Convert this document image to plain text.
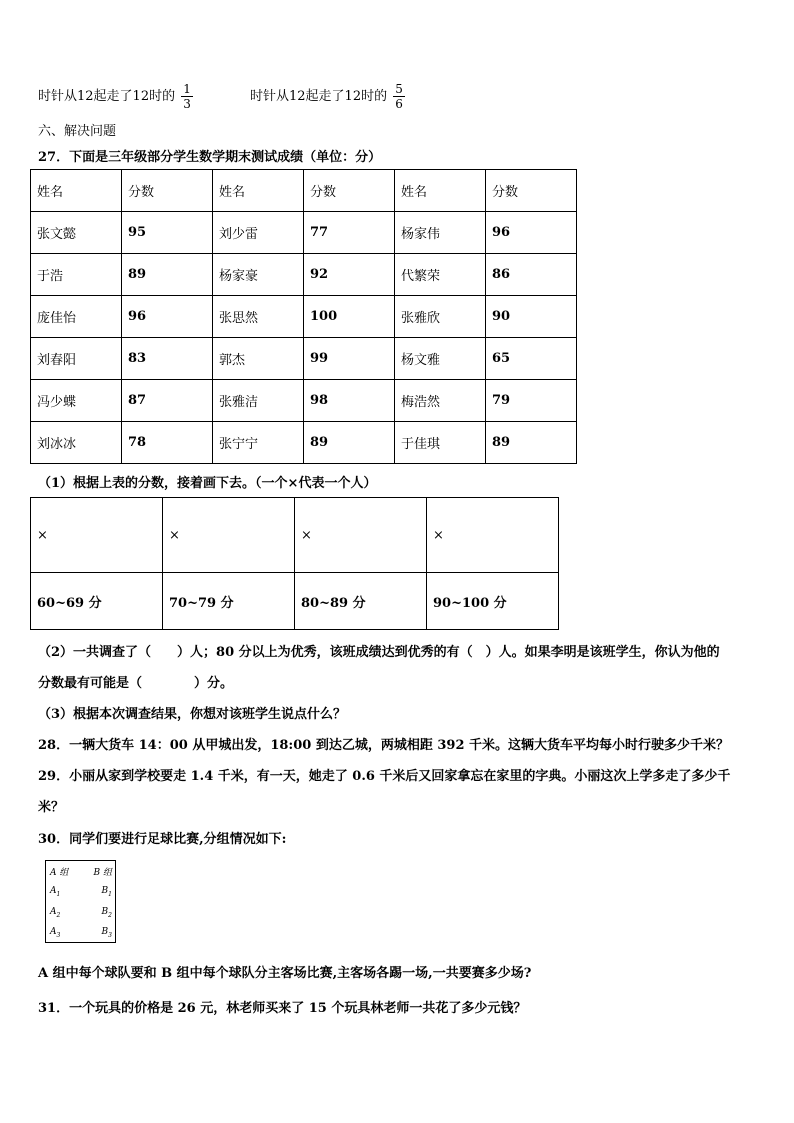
时针从12起走了12时的 $\frac{1}{3}$	时针从12起走了12时的 $\frac{5}{6}$
六、解决问题
27．下面是三年级部分学生数学期末测试成绩（单位：分）
姓名	分数	姓名	分数	姓名	分数
张文懿	95	刘少雷	77	杨家伟	96
于浩	89	杨家豪	92	代繁荣	86
庞佳怡	96	张思然	100	张雅欣	90
刘春阳	83	郭杰	99	杨文雅	65
冯少蝶	87	张雅洁	98	梅浩然	79
刘冰冰	78	张宁宁	89	于佳琪	89
（1）根据上表的分数，接着画下去。（一个×代表一个人）
×	×	×	×
60~69 分	70~79 分	80~89 分	90~100 分
（2）一共调查了（　　）人；80 分以上为优秀，该班成绩达到优秀的有（　）人。如果李明是该班学生，你认为他的
分数最有可能是（　　　　）分。
（3）根据本次调查结果，你想对该班学生说点什么？
28．一辆大货车 14：00 从甲城出发，18:00 到达乙城，两城相距 392 千米。这辆大货车平均每小时行驶多少千米？
29．小丽从家到学校要走 1.4 千米，有一天，她走了 0.6 千米后又回家拿忘在家里的字典。小丽这次上学多走了多少千
米？
30．同学们要进行足球比赛,分组情况如下:
A 组	B 组
$A_1$	$B_1$
$A_2$	$B_2$
$A_3$	$B_3$
A 组中每个球队要和 B 组中每个球队分主客场比赛,主客场各踢一场,一共要赛多少场?
31．一个玩具的价格是 26 元，林老师买来了 15 个玩具林老师一共花了多少元钱？
